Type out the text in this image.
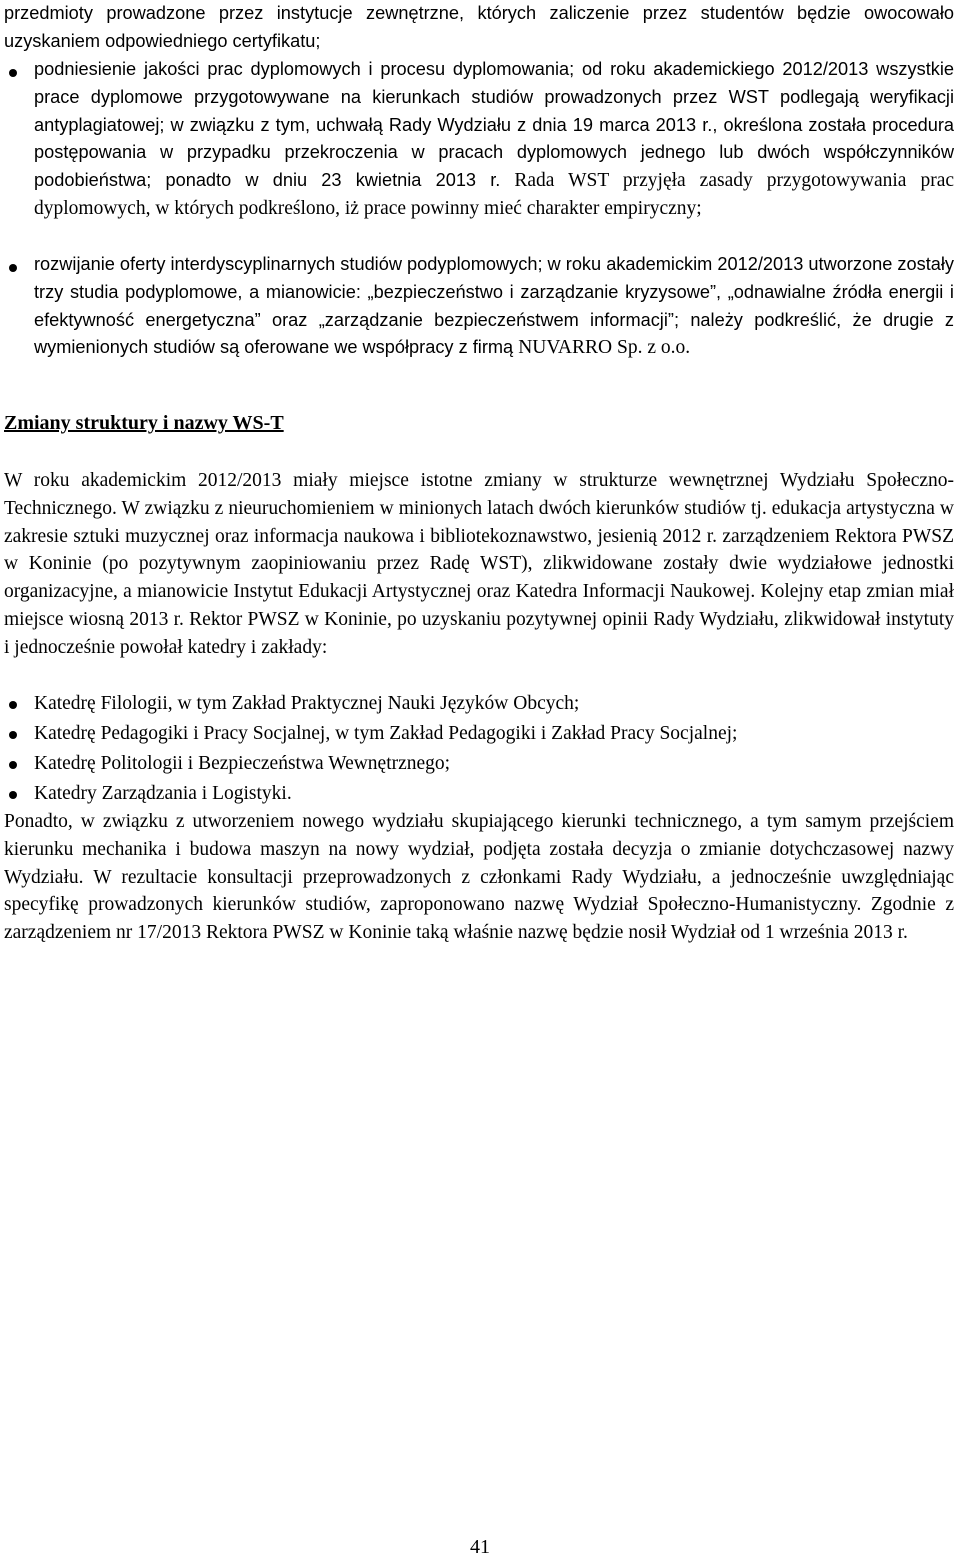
przedmioty prowadzone przez instytucje zewnętrzne, których zaliczenie przez studentów będzie owocowało uzyskaniem odpowiedniego certyfikatu;

podniesienie jakości prac dyplomowych i procesu dyplomowania; od roku akademickiego 2012/2013 wszystkie prace dyplomowe przygotowywane na kierunkach studiów prowadzonych przez WST podlegają weryfikacji antyplagiatowej; w związku z tym, uchwałą Rady Wydziału z dnia 19 marca 2013 r., określona została procedura postępowania w przypadku przekroczenia w pracach dyplomowych jednego lub dwóch współczynników podobieństwa; ponadto w dniu 23 kwietnia 2013 r. Rada WST przyjęła zasady przygotowywania prac dyplomowych, w których podkreślono, iż prace powinny mieć charakter empiryczny;

rozwijanie oferty interdyscyplinarnych studiów podyplomowych; w roku akademickim 2012/2013 utworzone zostały trzy studia podyplomowe, a mianowicie: „bezpieczeństwo i zarządzanie kryzysowe”, „odnawialne źródła energii i efektywność energetyczna” oraz „zarządzanie bezpieczeństwem informacji”; należy podkreślić, że drugie z wymienionych studiów są oferowane we współpracy z firmą NUVARRO Sp. z o.o.

Zmiany struktury i nazwy WS-T

W roku akademickim 2012/2013 miały miejsce istotne zmiany w strukturze wewnętrznej Wydziału Społeczno-Technicznego. W związku z nieuruchomieniem w minionych latach dwóch kierunków studiów tj. edukacja artystyczna w zakresie sztuki muzycznej oraz informacja naukowa i bibliotekoznawstwo, jesienią 2012 r. zarządzeniem Rektora PWSZ w Koninie (po pozytywnym zaopiniowaniu przez Radę WST), zlikwidowane zostały dwie wydziałowe jednostki organizacyjne, a mianowicie Instytut Edukacji Artystycznej oraz Katedra Informacji Naukowej. Kolejny etap zmian miał miejsce wiosną 2013 r. Rektor PWSZ w Koninie, po uzyskaniu pozytywnej opinii Rady Wydziału, zlikwidował instytuty i jednocześnie powołał katedry i zakłady:

Katedrę Filologii, w tym Zakład Praktycznej Nauki Języków Obcych;

Katedrę Pedagogiki i Pracy Socjalnej, w tym Zakład Pedagogiki i Zakład Pracy Socjalnej;

Katedrę Politologii i Bezpieczeństwa Wewnętrznego;

Katedry Zarządzania i Logistyki.

Ponadto, w związku z utworzeniem nowego wydziału skupiającego kierunki technicznego, a tym samym przejściem kierunku mechanika i budowa maszyn na nowy wydział, podjęta została decyzja o zmianie dotychczasowej nazwy Wydziału. W rezultacie konsultacji przeprowadzonych z członkami Rady Wydziału, a jednocześnie uwzględniając specyfikę prowadzonych kierunków studiów, zaproponowano nazwę Wydział Społeczno-Humanistyczny. Zgodnie z zarządzeniem nr 17/2013 Rektora PWSZ w Koninie taką właśnie nazwę będzie nosił Wydział od 1 września 2013 r.

41
